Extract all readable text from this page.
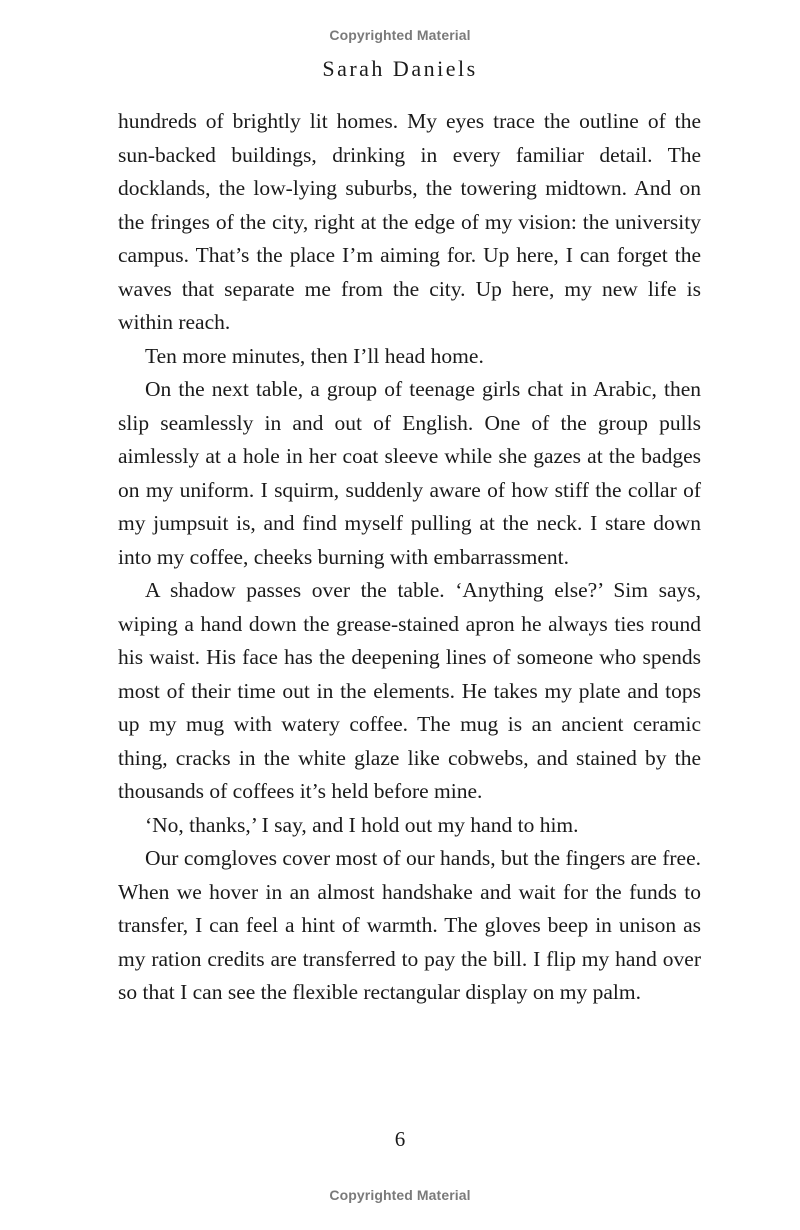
Copyrighted Material
Sarah Daniels

hundreds of brightly lit homes. My eyes trace the outline of the sun-backed buildings, drinking in every familiar detail. The docklands, the low-lying suburbs, the towering midtown. And on the fringes of the city, right at the edge of my vision: the university campus. That’s the place I’m aiming for. Up here, I can forget the waves that separate me from the city. Up here, my new life is within reach.

Ten more minutes, then I’ll head home.

On the next table, a group of teenage girls chat in Arabic, then slip seamlessly in and out of English. One of the group pulls aimlessly at a hole in her coat sleeve while she gazes at the badges on my uniform. I squirm, suddenly aware of how stiff the collar of my jumpsuit is, and find myself pulling at the neck. I stare down into my coffee, cheeks burning with embarrassment.

A shadow passes over the table. ‘Anything else?’ Sim says, wiping a hand down the grease-stained apron he always ties round his waist. His face has the deepening lines of someone who spends most of their time out in the elements. He takes my plate and tops up my mug with watery coffee. The mug is an ancient ceramic thing, cracks in the white glaze like cobwebs, and stained by the thousands of coffees it’s held before mine.

‘No, thanks,’ I say, and I hold out my hand to him.

Our comgloves cover most of our hands, but the fingers are free. When we hover in an almost handshake and wait for the funds to transfer, I can feel a hint of warmth. The gloves beep in unison as my ration credits are transferred to pay the bill. I flip my hand over so that I can see the flexible rectangular display on my palm.

6
Copyrighted Material
